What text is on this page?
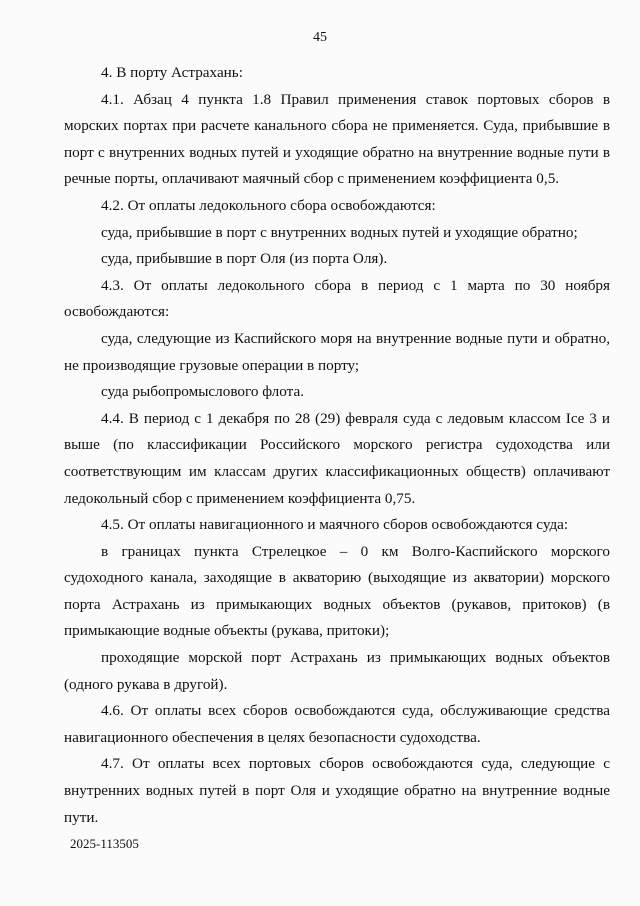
45

4. В порту Астрахань:

4.1. Абзац 4 пункта 1.8 Правил применения ставок портовых сборов в морских портах при расчете канального сбора не применяется. Суда, прибывшие в порт с внутренних водных путей и уходящие обратно на внутренние водные пути в речные порты, оплачивают маячный сбор с применением коэффициента 0,5.

4.2. От оплаты ледокольного сбора освобождаются:

суда, прибывшие в порт с внутренних водных путей и уходящие обратно;

суда, прибывшие в порт Оля (из порта Оля).

4.3. От оплаты ледокольного сбора в период с 1 марта по 30 ноября освобождаются:

суда, следующие из Каспийского моря на внутренние водные пути и обратно, не производящие грузовые операции в порту;

суда рыбопромыслового флота.

4.4. В период с 1 декабря по 28 (29) февраля суда с ледовым классом Ice 3 и выше (по классификации Российского морского регистра судоходства или соответствующим им классам других классификационных обществ) оплачивают ледокольный сбор с применением коэффициента 0,75.

4.5. От оплаты навигационного и маячного сборов освобождаются суда:

в границах пункта Стрелецкое – 0 км Волго-Каспийского морского судоходного канала, заходящие в акваторию (выходящие из акватории) морского порта Астрахань из примыкающих водных объектов (рукавов, притоков) (в примыкающие водные объекты (рукава, притоки);

проходящие морской порт Астрахань из примыкающих водных объектов (одного рукава в другой).

4.6. От оплаты всех сборов освобождаются суда, обслуживающие средства навигационного обеспечения в целях безопасности судоходства.

4.7. От оплаты всех портовых сборов освобождаются суда, следующие с внутренних водных путей в порт Оля и уходящие обратно на внутренние водные пути.

2025-113505
